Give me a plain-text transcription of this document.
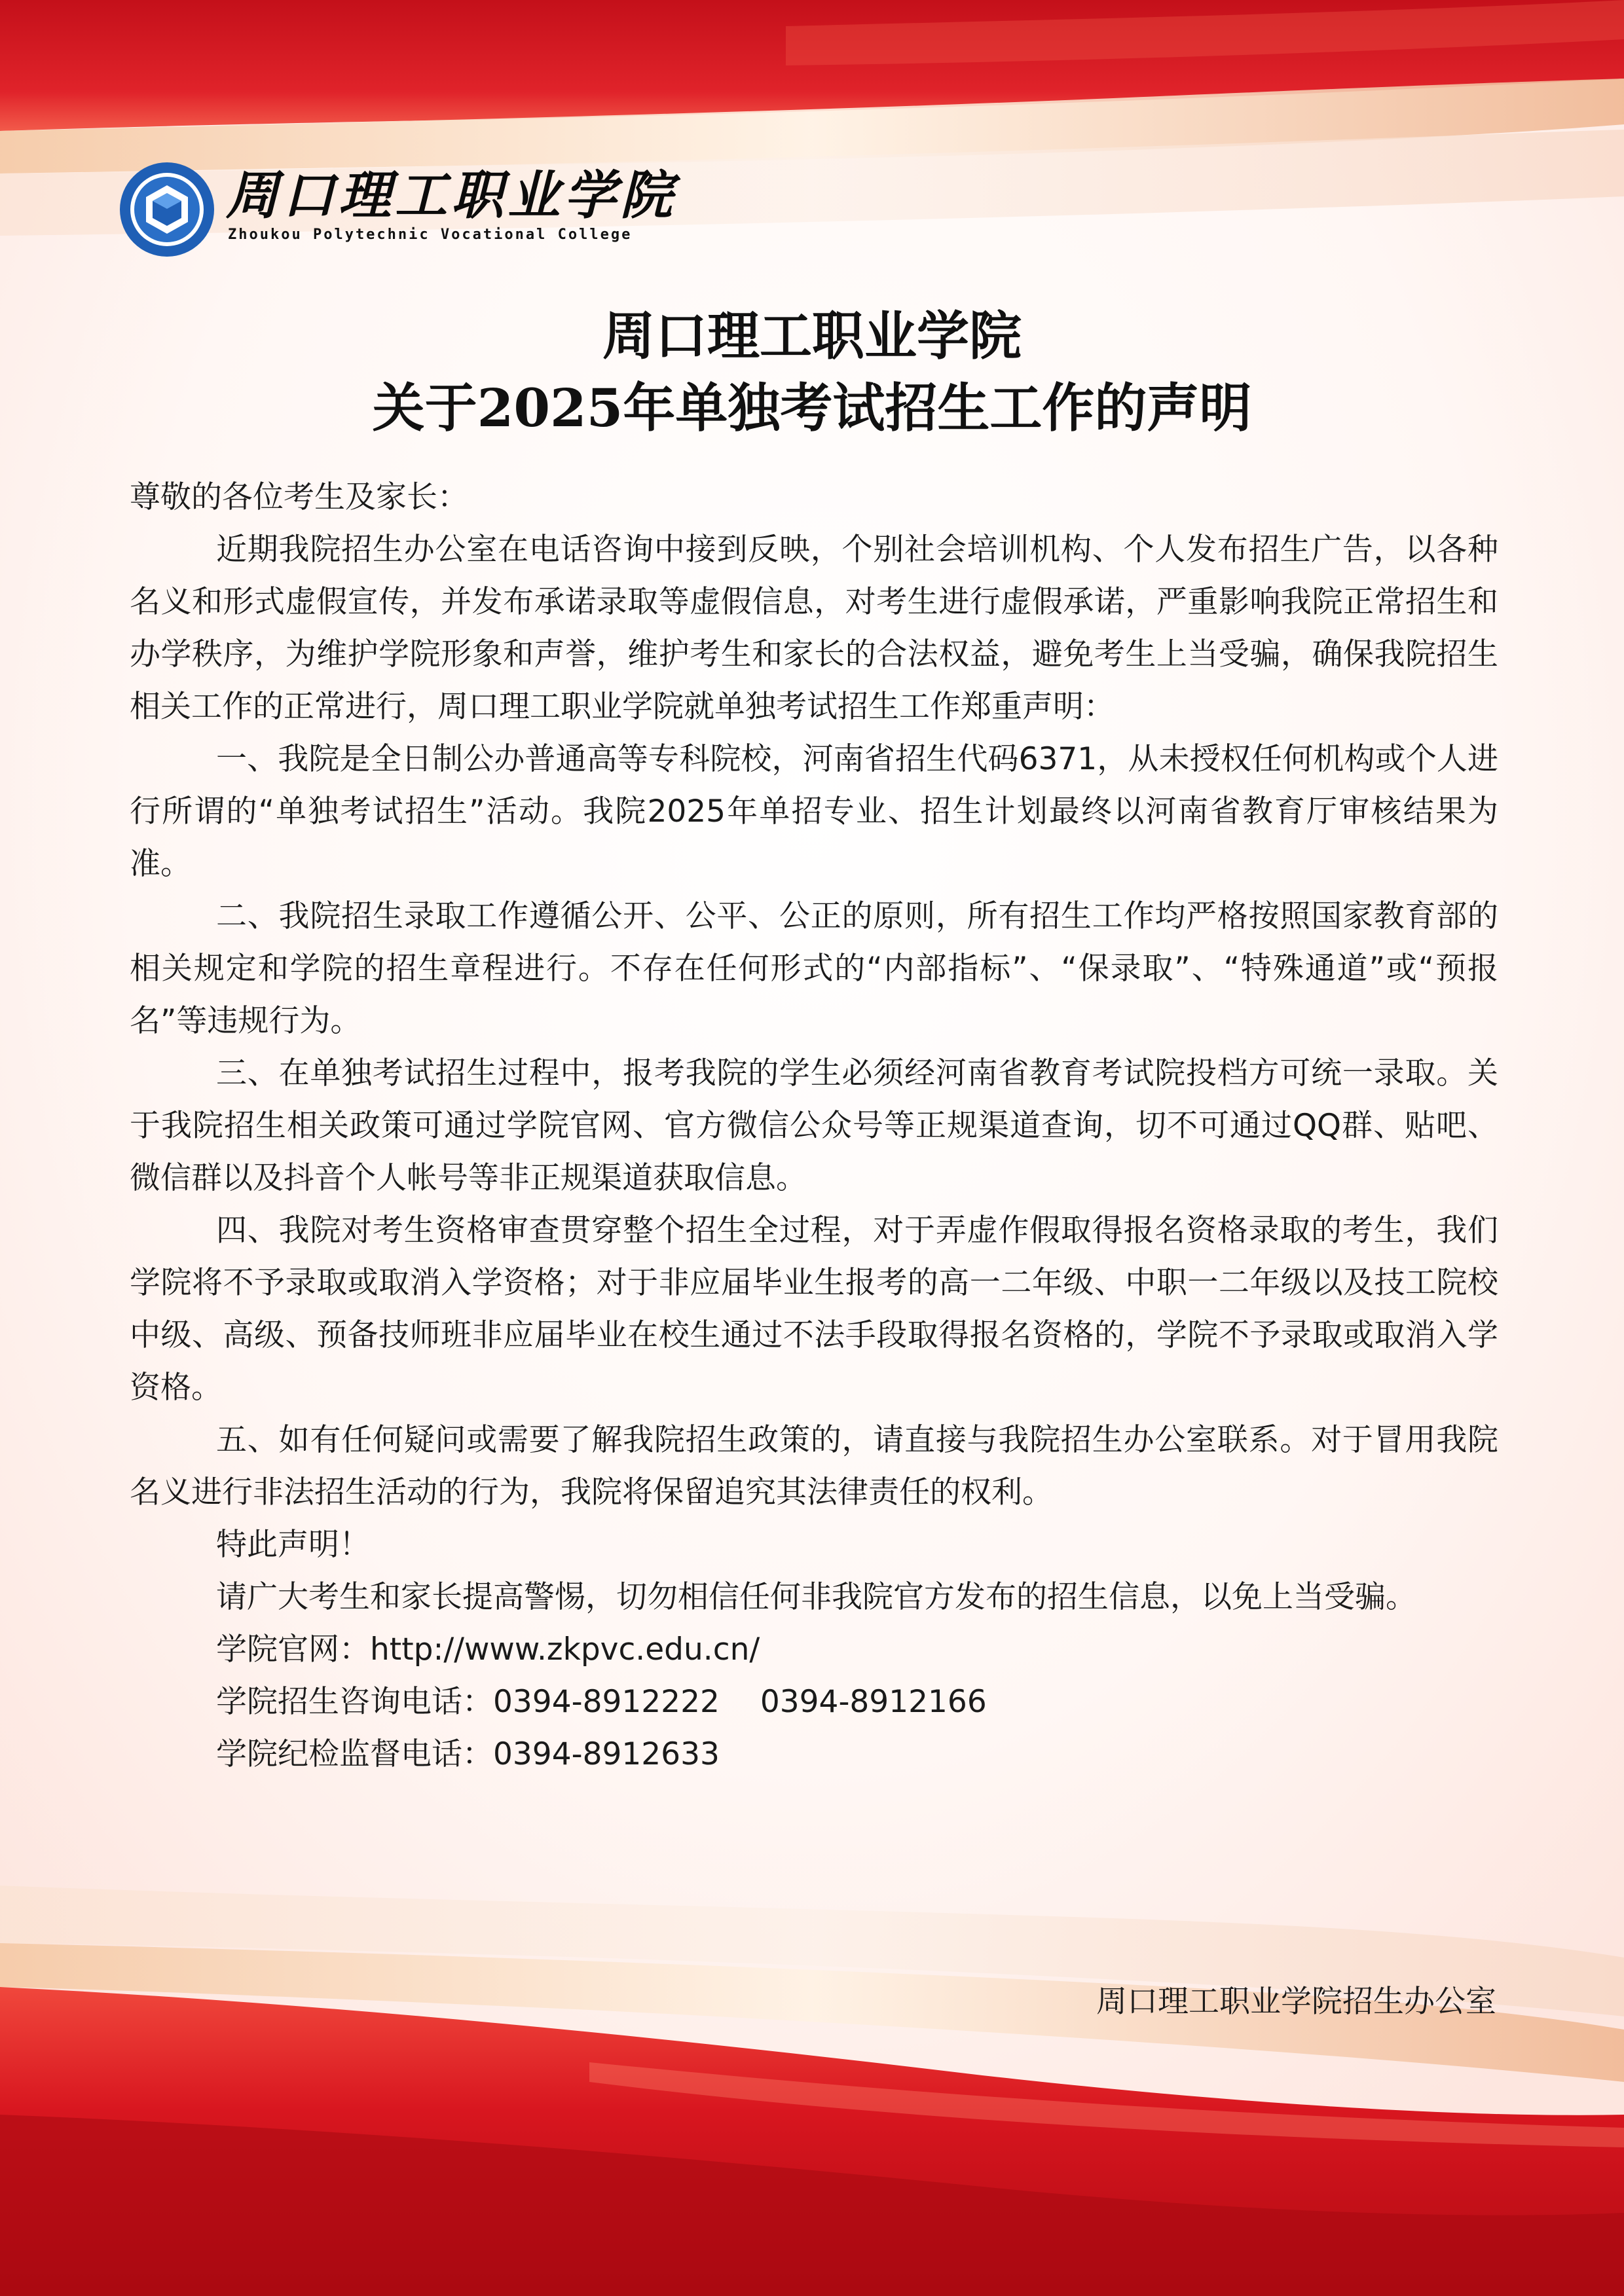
周口理工职业学院
Zhoukou Polytechnic Vocational College
周口理工职业学院
关于2025年单独考试招生工作的声明

尊敬的各位考生及家长：

近期我院招生办公室在电话咨询中接到反映，个别社会培训机构、个人发布招生广告，以各种名义和形式虚假宣传，并发布承诺录取等虚假信息，对考生进行虚假承诺，严重影响我院正常招生和办学秩序，为维护学院形象和声誉，维护考生和家长的合法权益，避免考生上当受骗，确保我院招生相关工作的正常进行，周口理工职业学院就单独考试招生工作郑重声明：

一、我院是全日制公办普通高等专科院校，河南省招生代码6371，从未授权任何机构或个人进行所谓的“单独考试招生”活动。我院2025年单招专业、招生计划最终以河南省教育厅审核结果为准。

二、我院招生录取工作遵循公开、公平、公正的原则，所有招生工作均严格按照国家教育部的相关规定和学院的招生章程进行。不存在任何形式的“内部指标”、“保录取”、“特殊通道”或“预报名”等违规行为。

三、在单独考试招生过程中，报考我院的学生必须经河南省教育考试院投档方可统一录取。关于我院招生相关政策可通过学院官网、官方微信公众号等正规渠道查询，切不可通过QQ群、贴吧、微信群以及抖音个人帐号等非正规渠道获取信息。

四、我院对考生资格审查贯穿整个招生全过程，对于弄虚作假取得报名资格录取的考生，我们学院将不予录取或取消入学资格；对于非应届毕业生报考的高一二年级、中职一二年级以及技工院校中级、高级、预备技师班非应届毕业在校生通过不法手段取得报名资格的，学院不予录取或取消入学资格。

五、如有任何疑问或需要了解我院招生政策的，请直接与我院招生办公室联系。对于冒用我院名义进行非法招生活动的行为，我院将保留追究其法律责任的权利。

特此声明！

请广大考生和家长提高警惕，切勿相信任何非我院官方发布的招生信息，以免上当受骗。

学院官网：http://www.zkpvc.edu.cn/

学院招生咨询电话：0394-8912222　 0394-8912166

学院纪检监督电话：0394-8912633

周口理工职业学院招生办公室
